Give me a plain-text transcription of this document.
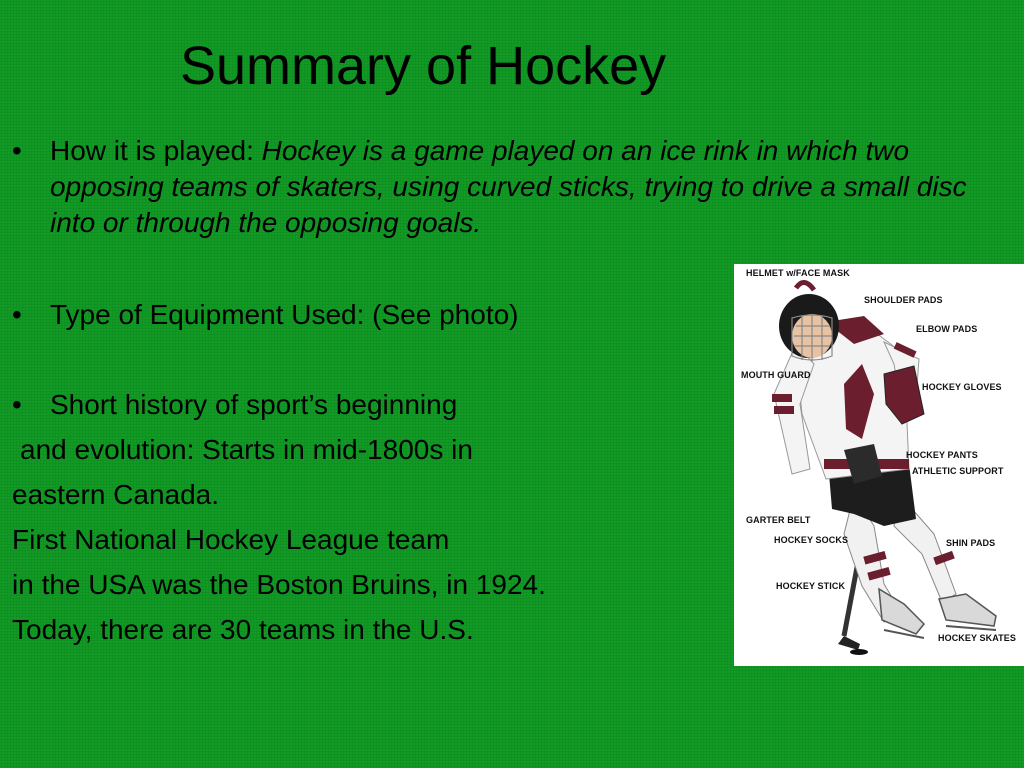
Summary of Hockey
•	How it is played: Hockey is a game played on an ice rink in which two opposing teams of skaters, using curved sticks, trying to drive a small disc into or through the opposing goals.
•	Type of Equipment Used: (See photo)
•	Short history of sport’s beginning
and evolution: Starts in mid-1800s in
eastern Canada.
First National Hockey League team
in the USA was the Boston Bruins, in 1924.
Today, there are 30 teams in the U.S.
HELMET w/FACE MASK
SHOULDER PADS
ELBOW PADS
MOUTH GUARD
HOCKEY GLOVES
HOCKEY PANTS
ATHLETIC SUPPORT
GARTER BELT
HOCKEY SOCKS	SHIN PADS
HOCKEY STICK
HOCKEY SKATES
